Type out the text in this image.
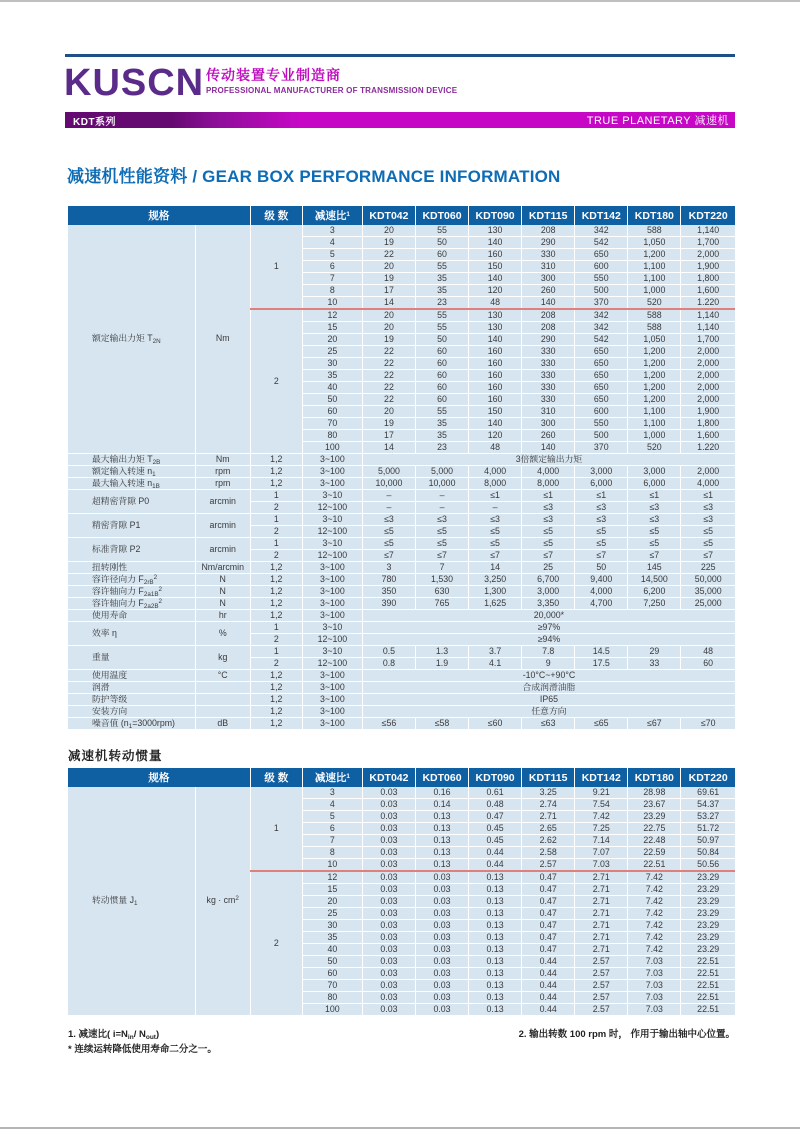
KUSCN 传动装置专业制造商
PROFESSIONAL MANUFACTURER OF TRANSMISSION DEVICE
KDT系列	TRUE PLANETARY 减速机
减速机性能资料 / GEAR BOX PERFORMANCE INFORMATION
规格		级 数	减速比$^1$	KDT042	KDT060	KDT090	KDT115	KDT142	KDT180	KDT220
额定输出力矩 $T_{2N}$	Nm	1	3	20	55	130	208	342	588	1,140
			4	19	50	140	290	542	1,050	1,700
			5	22	60	160	330	650	1,200	2,000
			6	20	55	150	310	600	1,100	1,900
			7	19	35	140	300	550	1,100	1,800
			8	17	35	120	260	500	1,000	1,600
			10	14	23	48	140	370	520	1.220
		2	12	20	55	130	208	342	588	1,140
			15	20	55	130	208	342	588	1,140
			20	19	50	140	290	542	1,050	1,700
			25	22	60	160	330	650	1,200	2,000
			30	22	60	160	330	650	1,200	2,000
			35	22	60	160	330	650	1,200	2,000
			40	22	60	160	330	650	1,200	2,000
			50	22	60	160	330	650	1,200	2,000
			60	20	55	150	310	600	1,100	1,900
			70	19	35	140	300	550	1,100	1,800
			80	17	35	120	260	500	1,000	1,600
			100	14	23	48	140	370	520	1.220
最大输出力矩 $T_{2B}$	Nm	1,2	3~100	3倍额定输出力矩						
额定输入转速 $n_1$	rpm	1,2	3~100	5,000	5,000	4,000	4,000	3,000	3,000	2,000
最大输入转速 $n_{1B}$	rpm	1,2	3~100	10,000	10,000	8,000	8,000	6,000	6,000	4,000
超精密背隙 P0	arcmin	1	3~10	–	–	≤1	≤1	≤1	≤1	≤1
		2	12~100	–	–	–	≤3	≤3	≤3	≤3
精密背隙 P1	arcmin	1	3~10	≤3	≤3	≤3	≤3	≤3	≤3	≤3
		2	12~100	≤5	≤5	≤5	≤5	≤5	≤5	≤5
标准背隙 P2	arcmin	1	3~10	≤5	≤5	≤5	≤5	≤5	≤5	≤5
		2	12~100	≤7	≤7	≤7	≤7	≤7	≤7	≤7
扭转刚性	Nm/arcmin	1,2	3~100	3	7	14	25	50	145	225
容许径向力 $F_{2rB}^2$	N	1,2	3~100	780	1,530	3,250	6,700	9,400	14,500	50,000
容许轴向力 $F_{2a1B}^2$	N	1,2	3~100	350	630	1,300	3,000	4,000	6,200	35,000
容许轴向力 $F_{2a2B}^2$	N	1,2	3~100	390	765	1,625	3,350	4,700	7,250	25,000
使用寿命	hr	1,2	3~100	20,000*						
效率 η	%	1	3~10	≥97%						
		2	12~100	≥94%						
重量	kg	1	3~10	0.5	1.3	3.7	7.8	14.5	29	48
		2	12~100	0.8	1.9	4.1	9	17.5	33	60
使用温度	°C	1,2	3~100	-10°C~+90°C						
润滑		1,2	3~100	合成润滑油脂						
防护等级		1,2	3~100	IP65						
安装方向		1,2	3~100	任意方向						
噪音值 $(n_1=3000rpm)$	dB	1,2	3~100	≤56	≤58	≤60	≤63	≤65	≤67	≤70
减速机转动惯量
规格		级 数	减速比$^1$	KDT042	KDT060	KDT090	KDT115	KDT142	KDT180	KDT220
转动惯量 $J_1$	kg · $cm^2$	1	3	0.03	0.16	0.61	3.25	9.21	28.98	69.61
			4	0.03	0.14	0.48	2.74	7.54	23.67	54.37
			5	0.03	0.13	0.47	2.71	7.42	23.29	53.27
			6	0.03	0.13	0.45	2.65	7.25	22.75	51.72
			7	0.03	0.13	0.45	2.62	7.14	22.48	50.97
			8	0.03	0.13	0.44	2.58	7.07	22.59	50.84
			10	0.03	0.13	0.44	2.57	7.03	22.51	50.56
		2	12	0.03	0.03	0.13	0.47	2.71	7.42	23.29
			15	0.03	0.03	0.13	0.47	2.71	7.42	23.29
			20	0.03	0.03	0.13	0.47	2.71	7.42	23.29
			25	0.03	0.03	0.13	0.47	2.71	7.42	23.29
			30	0.03	0.03	0.13	0.47	2.71	7.42	23.29
			35	0.03	0.03	0.13	0.47	2.71	7.42	23.29
			40	0.03	0.03	0.13	0.47	2.71	7.42	23.29
			50	0.03	0.03	0.13	0.44	2.57	7.03	22.51
			60	0.03	0.03	0.13	0.44	2.57	7.03	22.51
			70	0.03	0.03	0.13	0.44	2.57	7.03	22.51
			80	0.03	0.03	0.13	0.44	2.57	7.03	22.51
			100	0.03	0.03	0.13	0.44	2.57	7.03	22.51
1. 减速比( $i=N_{in}/$ $N_{out}$)
* 连续运转降低使用寿命二分之一。
2. 输出转数 100 rpm 时， 作用于输出轴中心位置。
